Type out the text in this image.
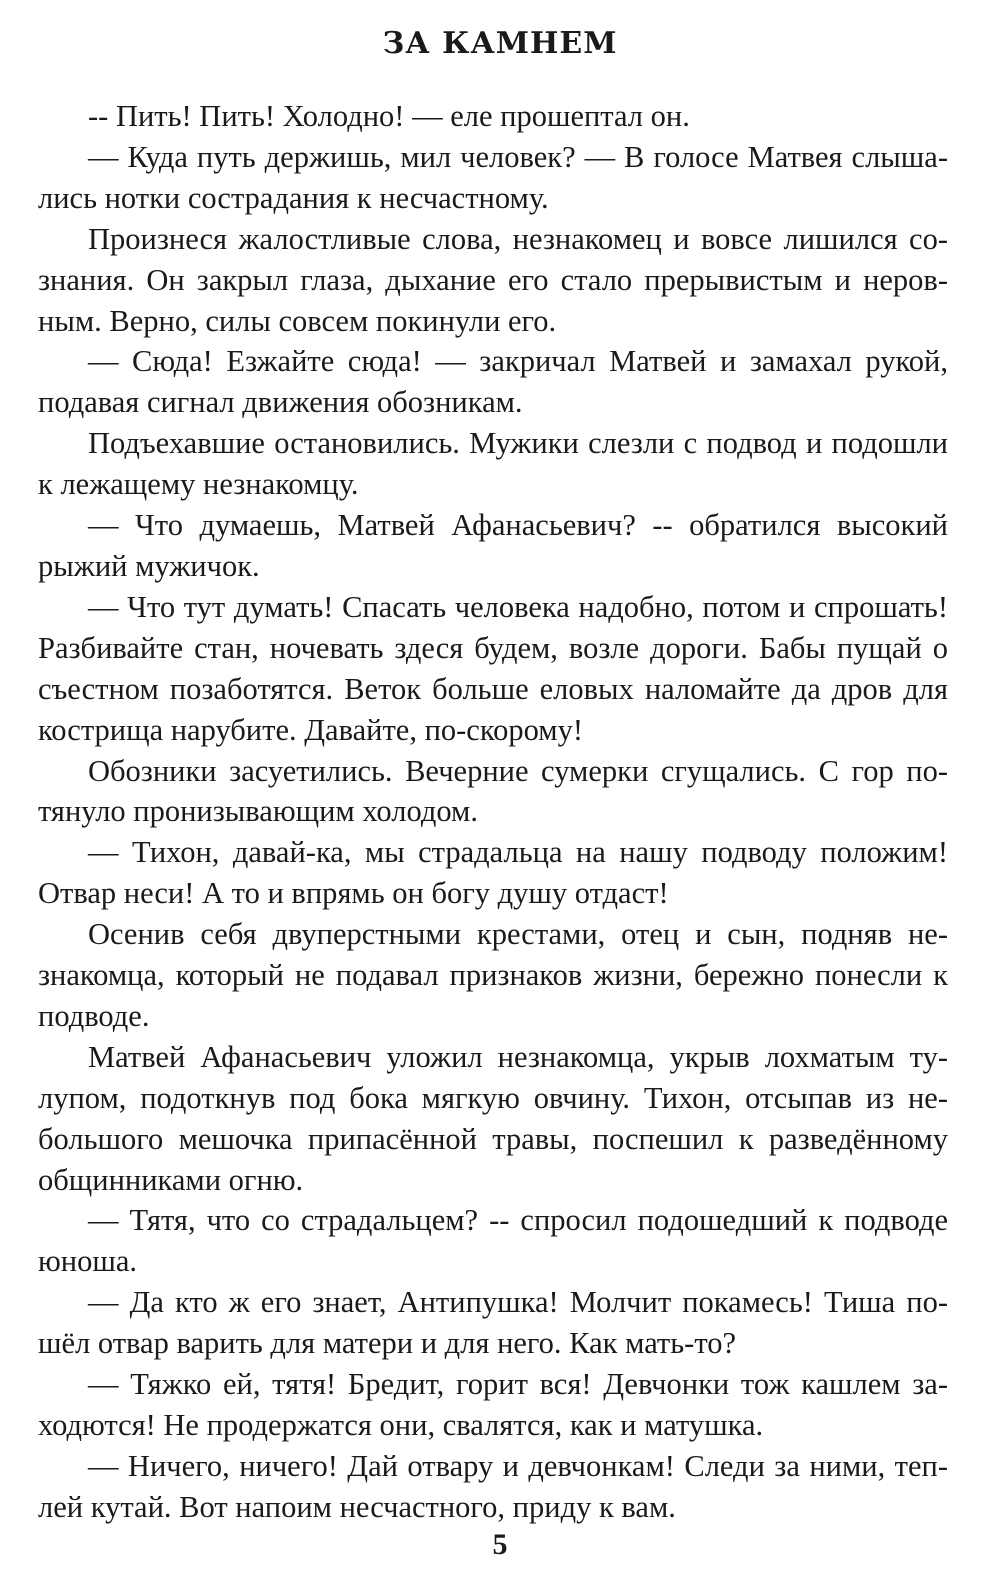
ЗА КАМНЕМ

-- Пить! Пить! Холодно! — еле прошептал он.

— Куда путь держишь, мил человек? — В голосе Матвея слышались нотки сострадания к несчастному.

Произнеся жалостливые слова, незнакомец и вовсе лишился сознания. Он закрыл глаза, дыхание его стало прерывистым и неровным. Верно, силы совсем покинули его.

— Сюда! Езжайте сюда! — закричал Матвей и замахал рукой, подавая сигнал движения обозникам.

Подъехавшие остановились. Мужики слезли с подвод и подошли к лежащему незнакомцу.

— Что думаешь, Матвей Афанасьевич? -- обратился высокий рыжий мужичок.

— Что тут думать! Спасать человека надобно, потом и спрошать! Разбивайте стан, ночевать здеся будем, возле дороги. Бабы пущай о съестном позаботятся. Веток больше еловых наломайте да дров для кострища нарубите. Давайте, по-скорому!

Обозники засуетились. Вечерние сумерки сгущались. С гор потянуло пронизывающим холодом.

— Тихон, давай-ка, мы страдальца на нашу подводу положим! Отвар неси! А то и впрямь он богу душу отдаст!

Осенив себя двуперстными крестами, отец и сын, подняв незнакомца, который не подавал признаков жизни, бережно понесли к подводе.

Матвей Афанасьевич уложил незнакомца, укрыв лохматым тулупом, подоткнув под бока мягкую овчину. Тихон, отсыпав из небольшого мешочка припасённой травы, поспешил к разведённому общинниками огню.

— Тятя, что со страдальцем? -- спросил подошедший к подводе юноша.

— Да кто ж его знает, Антипушка! Молчит покамесь! Тиша пошёл отвар варить для матери и для него. Как мать-то?

— Тяжко ей, тятя! Бредит, горит вся! Девчонки тож кашлем заходются! Не продержатся они, свалятся, как и матушка.

— Ничего, ничего! Дай отвару и девчонкам! Следи за ними, теплей кутай. Вот напоим несчастного, приду к вам.

5
